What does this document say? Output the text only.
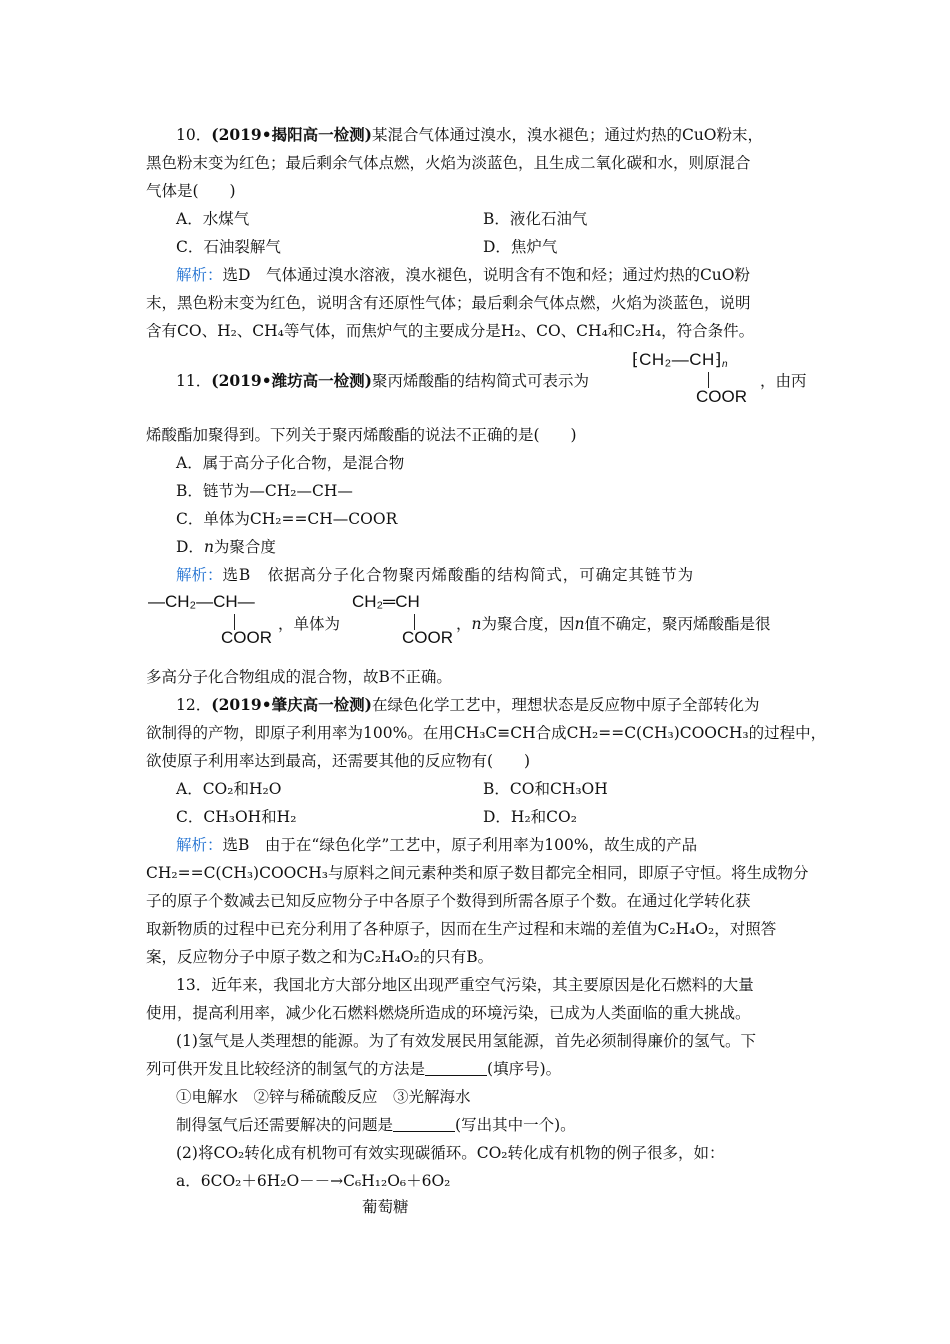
10．(2019•揭阳高一检测)某混合气体通过溴水，溴水褪色；通过灼热的CuO粉末，
黑色粉末变为红色；最后剩余气体点燃，火焰为淡蓝色，且生成二氧化碳和水，则原混合
气体是(　　)
A．水煤气	B．液化石油气
C．石油裂解气	D．焦炉气
解析：选D　气体通过溴水溶液，溴水褪色，说明含有不饱和烃；通过灼热的CuO粉
末，黑色粉末变为红色，说明含有还原性气体；最后剩余气体点燃，火焰为淡蓝色，说明
含有CO、H₂、CH₄等气体，而焦炉气的主要成分是H₂、CO、CH₄和C₂H₄，符合条件。
11．(2019•潍坊高一检测)聚丙烯酸酯的结构简式可表示为
$⁅CH_2—CH⁆_n$
COOR
，由丙
烯酸酯加聚得到。下列关于聚丙烯酸酯的说法不正确的是(　　)
A．属于高分子化合物，是混合物
B．链节为—CH₂—CH—
C．单体为CH₂==CH—COOR
D．n为聚合度
解析：选B　依据高分子化合物聚丙烯酸酯的结构简式，可确定其链节为
—CH₂—CH—
COOR
，单体为
CH₂═CH
COOR
，n为聚合度，因n值不确定，聚丙烯酸酯是很
多高分子化合物组成的混合物，故B不正确。
12．(2019•肇庆高一检测)在绿色化学工艺中，理想状态是反应物中原子全部转化为
欲制得的产物，即原子利用率为100%。在用CH₃C≡CH合成CH₂==C(CH₃)COOCH₃的过程中，
欲使原子利用率达到最高，还需要其他的反应物有(　　)
A．CO₂和H₂O	B．CO和CH₃OH
C．CH₃OH和H₂	D．H₂和CO₂
解析：选B　由于在“绿色化学”工艺中，原子利用率为100%，故生成的产品
CH₂==C(CH₃)COOCH₃与原料之间元素种类和原子数目都完全相同，即原子守恒。将生成物分
子的原子个数减去已知反应物分子中各原子个数得到所需各原子个数。在通过化学转化获
取新物质的过程中已充分利用了各种原子，因而在生产过程和末端的差值为C₂H₄O₂，对照答
案，反应物分子中原子数之和为C₂H₄O₂的只有B。
13．近年来，我国北方大部分地区出现严重空气污染，其主要原因是化石燃料的大量
使用，提高利用率，减少化石燃料燃烧所造成的环境污染，已成为人类面临的重大挑战。
(1)氢气是人类理想的能源。为了有效发展民用氢能源，首先必须制得廉价的氢气。下
列可供开发且比较经济的制氢气的方法是	(填序号)。
①电解水　②锌与稀硫酸反应　③光解海水
制得氢气后还需要解决的问题是	(写出其中一个)。
(2)将CO₂转化成有机物可有效实现碳循环。CO₂转化成有机物的例子很多，如：
a．6CO₂＋6H₂O－－→C₆H₁₂O₆＋6O₂
葡萄糖
